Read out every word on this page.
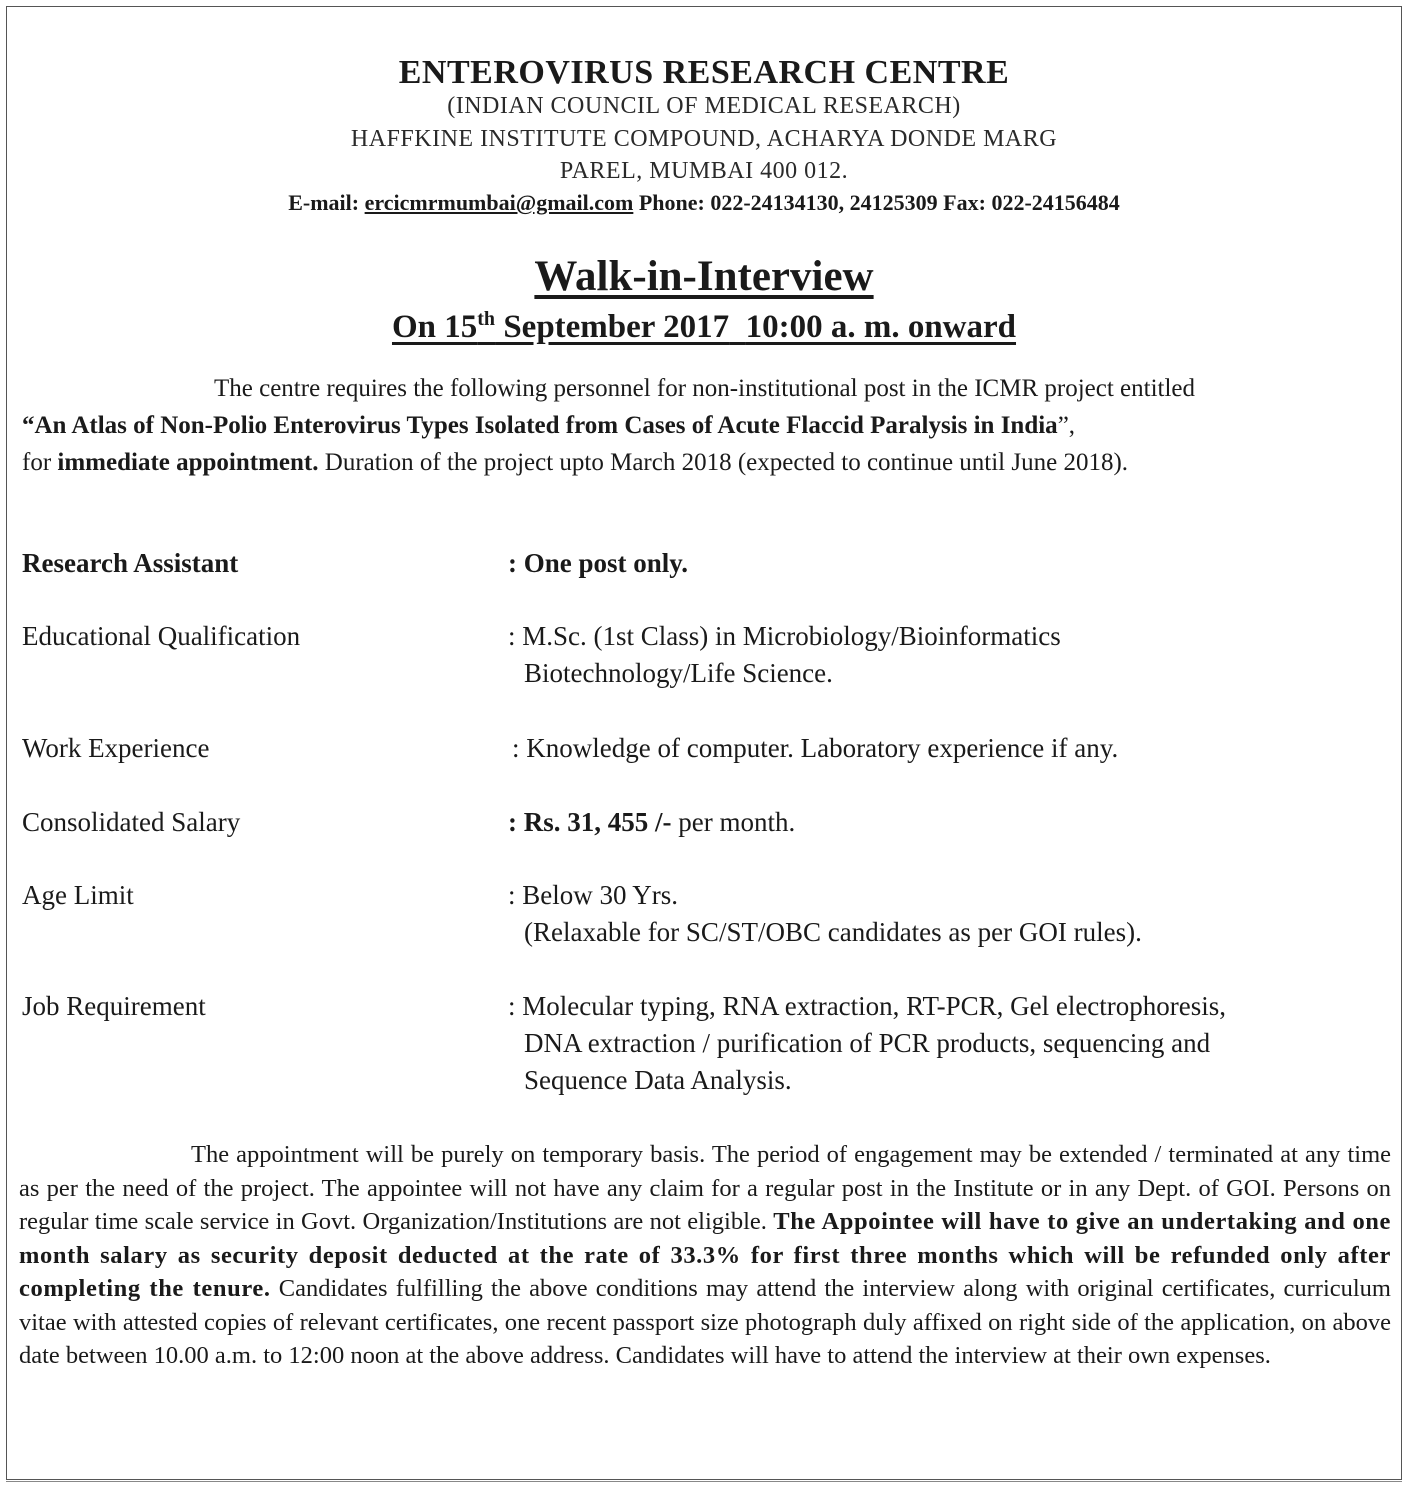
ENTEROVIRUS RESEARCH CENTRE
(INDIAN COUNCIL OF MEDICAL RESEARCH)
HAFFKINE INSTITUTE COMPOUND, ACHARYA DONDE MARG
PAREL, MUMBAI 400 012.
E-mail: ercicmrmumbai@gmail.com Phone: 022-24134130, 24125309 Fax: 022-24156484
Walk-in-Interview
On 15th September 2017 10:00 a. m. onward

The centre requires the following personnel for non-institutional post in the ICMR project entitled

“An Atlas of Non-Polio Enterovirus Types Isolated from Cases of Acute Flaccid Paralysis in India”,

for immediate appointment. Duration of the project upto March 2018 (expected to continue until June 2018).

Research Assistant	: One post only.
Educational Qualification	: M.Sc. (1st Class) in Microbiology/Bioinformatics
Biotechnology/Life Science.
Work Experience	: Knowledge of computer. Laboratory experience if any.
Consolidated Salary	: Rs. 31, 455 /- per month.
Age Limit	: Below 30 Yrs.
(Relaxable for SC/ST/OBC candidates as per GOI rules).
Job Requirement	: Molecular typing, RNA extraction, RT-PCR, Gel electrophoresis,
DNA extraction / purification of PCR products, sequencing and
Sequence Data Analysis.

The appointment will be purely on temporary basis. The period of engagement may be extended / terminated at any time as per the need of the project. The appointee will not have any claim for a regular post in the Institute or in any Dept. of GOI. Persons on regular time scale service in Govt. Organization/Institutions are not eligible. The Appointee will have to give an undertaking and one month salary as security deposit deducted at the rate of 33.3% for first three months which will be refunded only after completing the tenure. Candidates fulfilling the above conditions may attend the interview along with original certificates, curriculum vitae with attested copies of relevant certificates, one recent passport size photograph duly affixed on right side of the application, on above date between 10.00 a.m. to 12:00 noon at the above address. Candidates will have to attend the interview at their own expenses.
